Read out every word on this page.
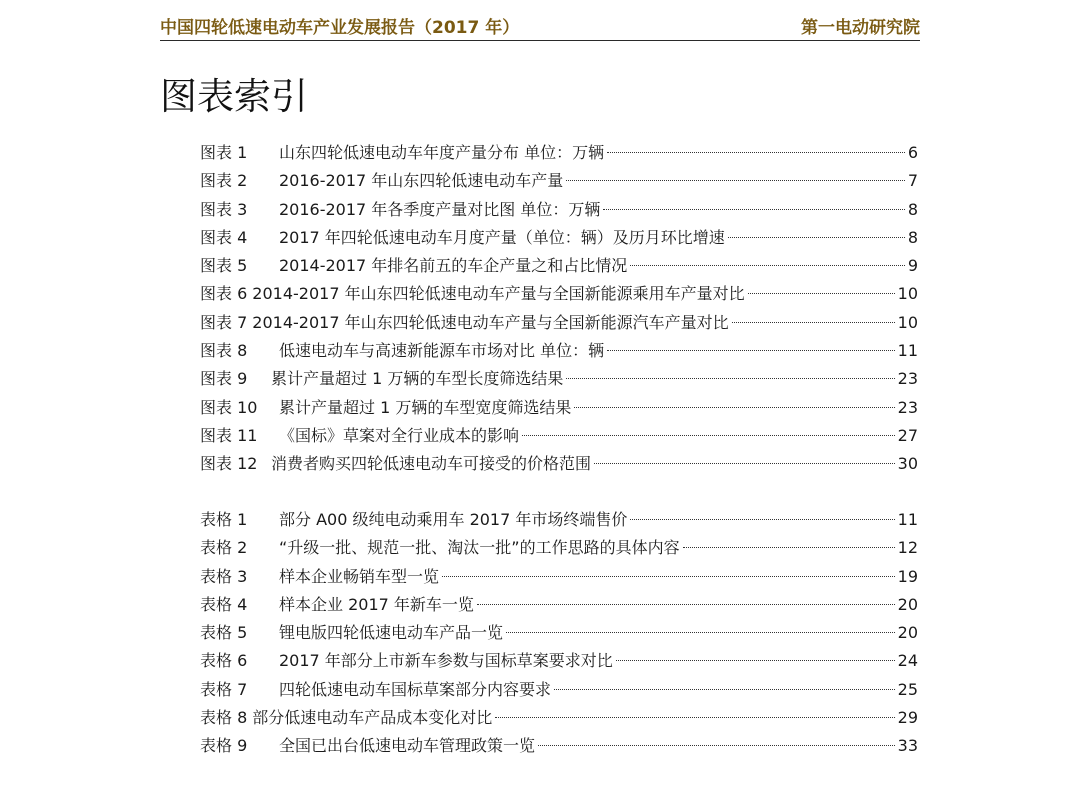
中国四轮低速电动车产业发展报告（2017 年）	第一电动研究院
图表索引
图表 1	山东四轮低速电动车年度产量分布 单位：万辆	6
图表 2	2016-2017 年山东四轮低速电动车产量	7
图表 3	2016-2017 年各季度产量对比图 单位：万辆	8
图表 4	2017 年四轮低速电动车月度产量（单位：辆）及历月环比增速	8
图表 5	2014-2017 年排名前五的车企产量之和占比情况	9
图表 6 2014-2017 年山东四轮低速电动车产量与全国新能源乘用车产量对比	10
图表 7 2014-2017 年山东四轮低速电动车产量与全国新能源汽车产量对比	10
图表 8	低速电动车与高速新能源车市场对比 单位：辆	11
图表 9	累计产量超过 1 万辆的车型长度筛选结果	23
图表 10	累计产量超过 1 万辆的车型宽度筛选结果	23
图表 11	《国标》草案对全行业成本的影响	27
图表 12 消费者购买四轮低速电动车可接受的价格范围	30
表格 1	部分 A00 级纯电动乘用车 2017 年市场终端售价	11
表格 2	“升级一批、规范一批、淘汰一批”的工作思路的具体内容	12
表格 3	样本企业畅销车型一览	19
表格 4	样本企业 2017 年新车一览	20
表格 5	锂电版四轮低速电动车产品一览	20
表格 6	2017 年部分上市新车参数与国标草案要求对比	24
表格 7	四轮低速电动车国标草案部分内容要求	25
表格 8 部分低速电动车产品成本变化对比	29
表格 9	全国已出台低速电动车管理政策一览	33
